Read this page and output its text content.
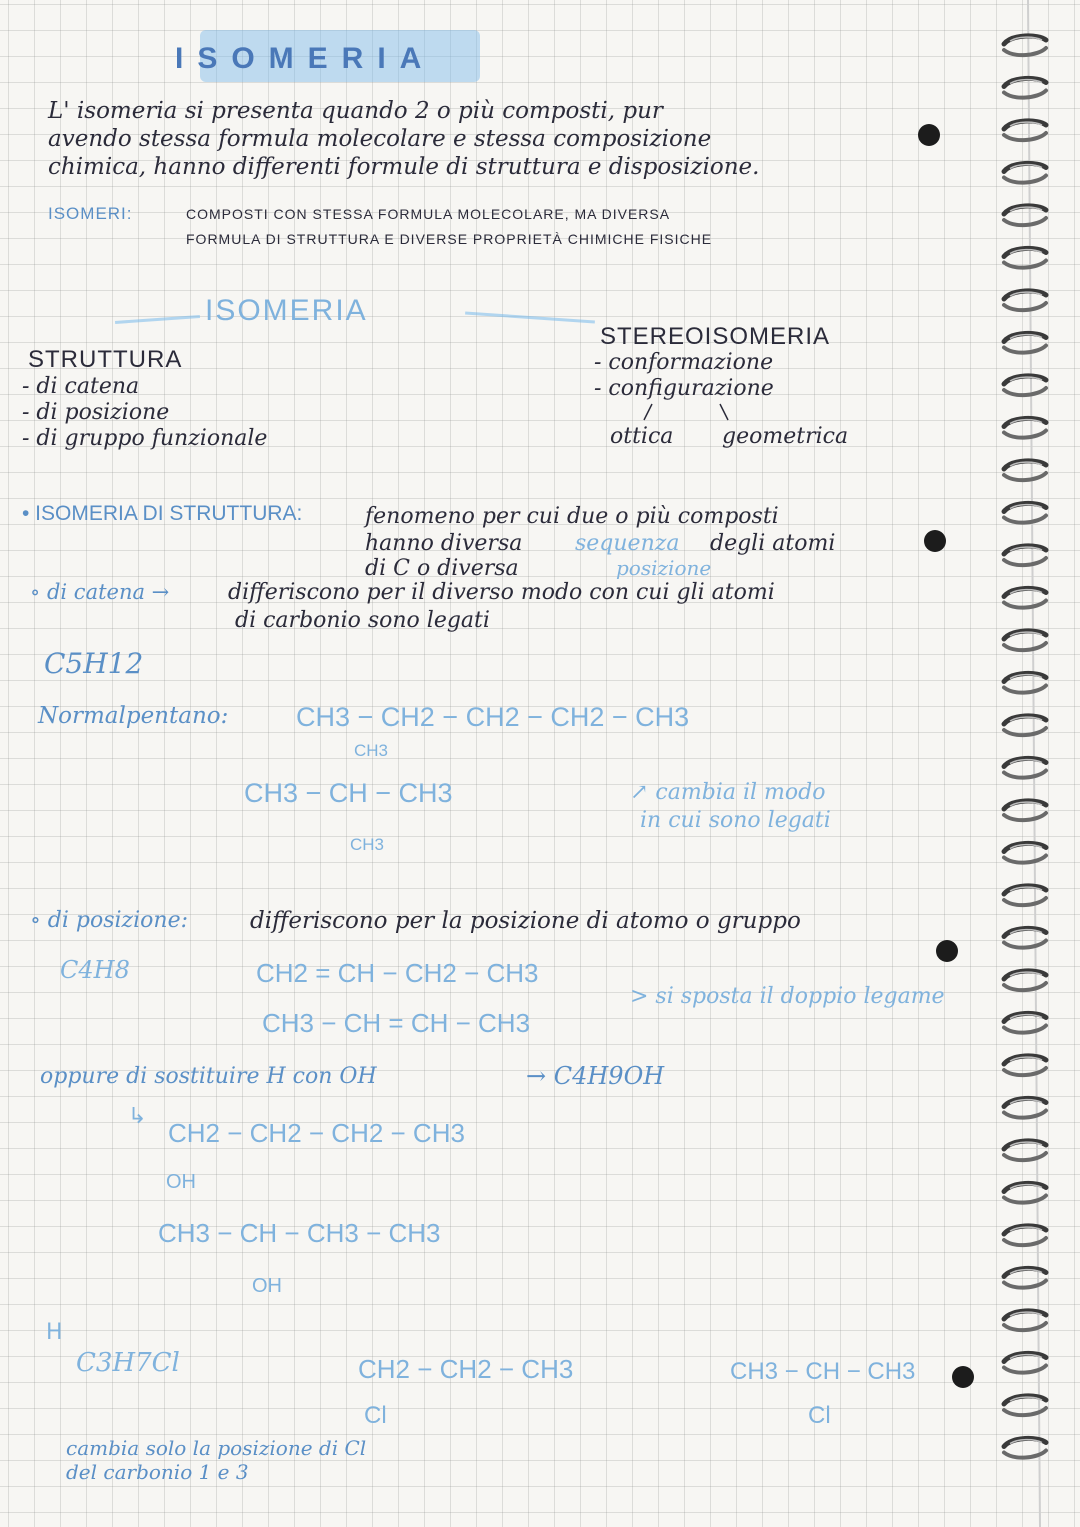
ISOMERIA
L' isomeria si presenta quando 2 o più composti, pur
avendo stessa formula molecolare e stessa composizione
chimica, hanno differenti formule di struttura e disposizione.
ISOMERI:	COMPOSTI CON STESSA FORMULA MOLECOLARE, MA DIVERSA
FORMULA DI STRUTTURA E DIVERSE PROPRIETÀ CHIMICHE FISICHE
ISOMERIA
STRUTTURA
- di catena
- di posizione
- di gruppo funzionale
STEREOISOMERIA
- conformazione
- configurazione
ottica geometrica
• ISOMERIA DI STRUTTURA:	fenomeno per cui due o più composti
hanno diversa sequenza degli atomi
di C o diversa	posizione
∘ di catena →	differiscono per il diverso modo con cui gli atomi
di carbonio sono legati
C5H12
Normalpentano:	CH3 − CH2 − CH2 − CH2 − CH3
CH3
CH3 − CH − CH3
CH3
↗ cambia il modo
in cui sono legati
∘ di posizione:	differiscono per la posizione di atomo o gruppo
C4H8	CH2 = CH − CH2 − CH3
CH3 − CH = CH − CH3
> si sposta il doppio legame
oppure di sostituire H con OH	→ C4H9OH
↳
CH2 − CH2 − CH2 − CH3
OH
CH3 − CH − CH3 − CH3
OH
H
C3H7Cl	CH2 − CH2 − CH3
Cl
CH3 − CH − CH3
Cl
cambia solo la posizione di Cl
del carbonio 1 e 3
